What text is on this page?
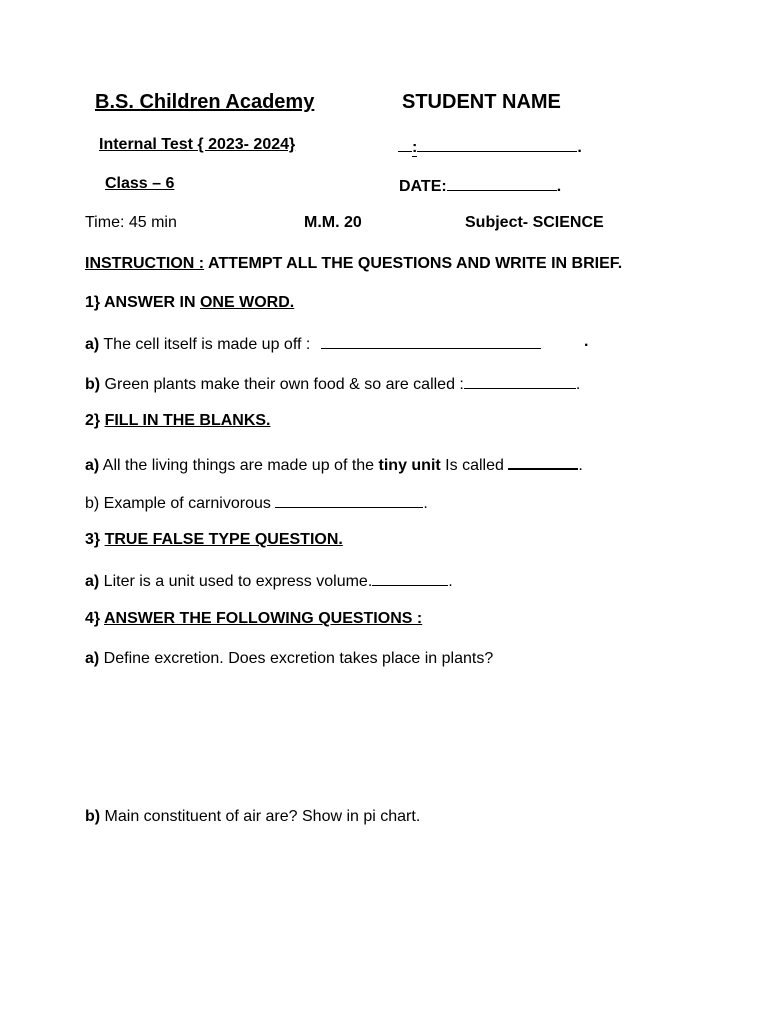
B.S. Children Academy	STUDENT NAME
Internal Test { 2023- 2024}	:	.
Class – 6	DATE:	.
Time: 45 min	M.M. 20	Subject- SCIENCE
INSTRUCTION : ATTEMPT ALL THE QUESTIONS AND WRITE IN BRIEF.
1} ANSWER IN ONE WORD.
a) The cell itself is made up off :	.
b) Green plants make their own food & so are called :	.
2} FILL IN THE BLANKS.
a) All the living things are made up of the tiny unit Is called	.
b) Example of carnivorous	.
3} TRUE FALSE TYPE QUESTION.
a) Liter is a unit used to express volume.	.
4} ANSWER THE FOLLOWING QUESTIONS :
a) Define excretion. Does excretion takes place in plants?
b) Main constituent of air are? Show in pi chart.
